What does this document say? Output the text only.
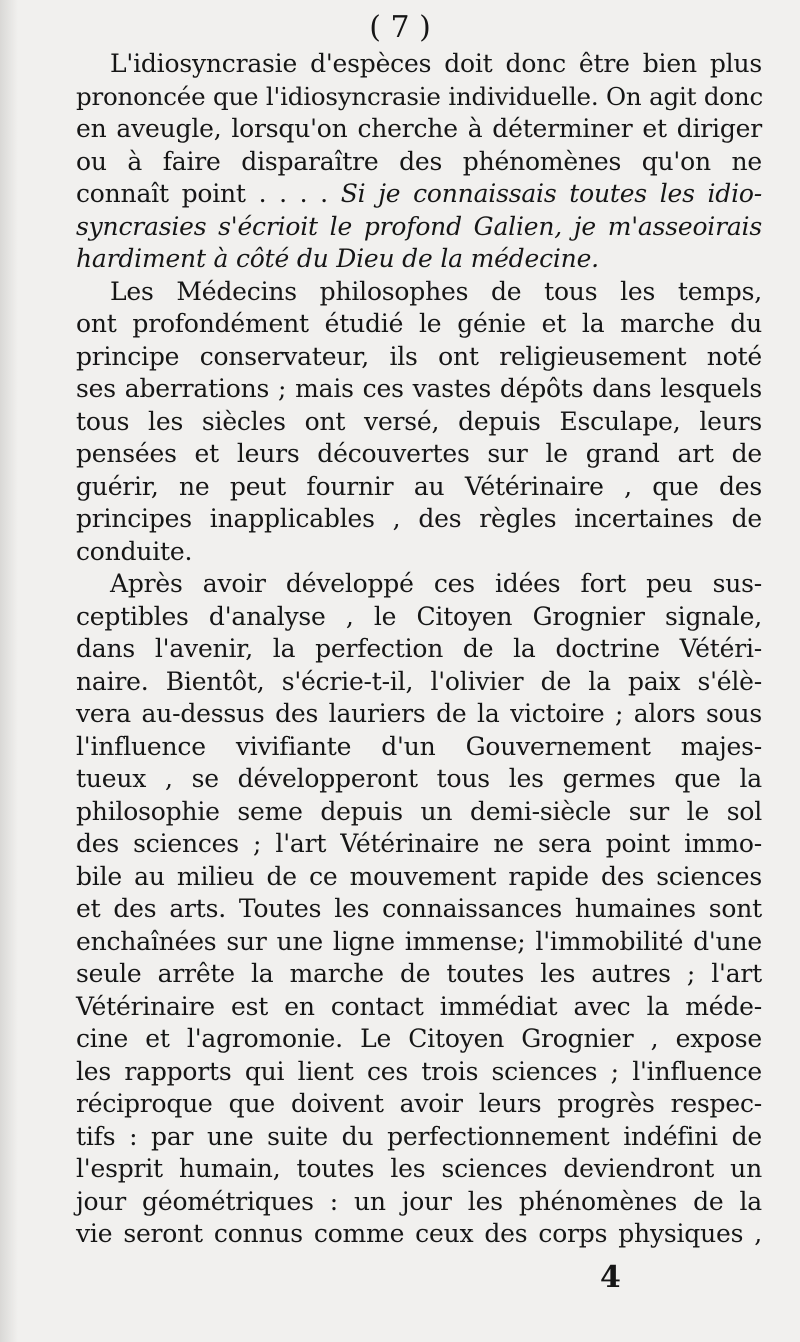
( 7 )
L'idiosyncrasie d'espèces doit donc être bien plus
prononcée que l'idiosyncrasie individuelle. On agit donc
en aveugle, lorsqu'on cherche à déterminer et diriger
ou à faire disparaître des phénomènes qu'on ne
connaît point . . . . Si je connaissais toutes les idio-
syncrasies s'écrioit le profond Galien, je m'asseoirais
hardiment à côté du Dieu de la médecine.
Les Médecins philosophes de tous les temps,
ont profondément étudié le génie et la marche du
principe conservateur, ils ont religieusement noté
ses aberrations ; mais ces vastes dépôts dans lesquels
tous les siècles ont versé, depuis Esculape, leurs
pensées et leurs découvertes sur le grand art de
guérir, ne peut fournir au Vétérinaire , que des
principes inapplicables , des règles incertaines de
conduite.
Après avoir développé ces idées fort peu sus-
ceptibles d'analyse , le Citoyen Grognier signale,
dans l'avenir, la perfection de la doctrine Vétéri-
naire. Bientôt, s'écrie-t-il, l'olivier de la paix s'élè-
vera au-dessus des lauriers de la victoire ; alors sous
l'influence vivifiante d'un Gouvernement majes-
tueux , se développeront tous les germes que la
philosophie seme depuis un demi-siècle sur le sol
des sciences ; l'art Vétérinaire ne sera point immo-
bile au milieu de ce mouvement rapide des sciences
et des arts. Toutes les connaissances humaines sont
enchaînées sur une ligne immense; l'immobilité d'une
seule arrête la marche de toutes les autres ; l'art
Vétérinaire est en contact immédiat avec la méde-
cine et l'agromonie. Le Citoyen Grognier , expose
les rapports qui lient ces trois sciences ; l'influence
réciproque que doivent avoir leurs progrès respec-
tifs : par une suite du perfectionnement indéfini de
l'esprit humain, toutes les sciences deviendront un
jour géométriques : un jour les phénomènes de la
vie seront connus comme ceux des corps physiques ,
4
